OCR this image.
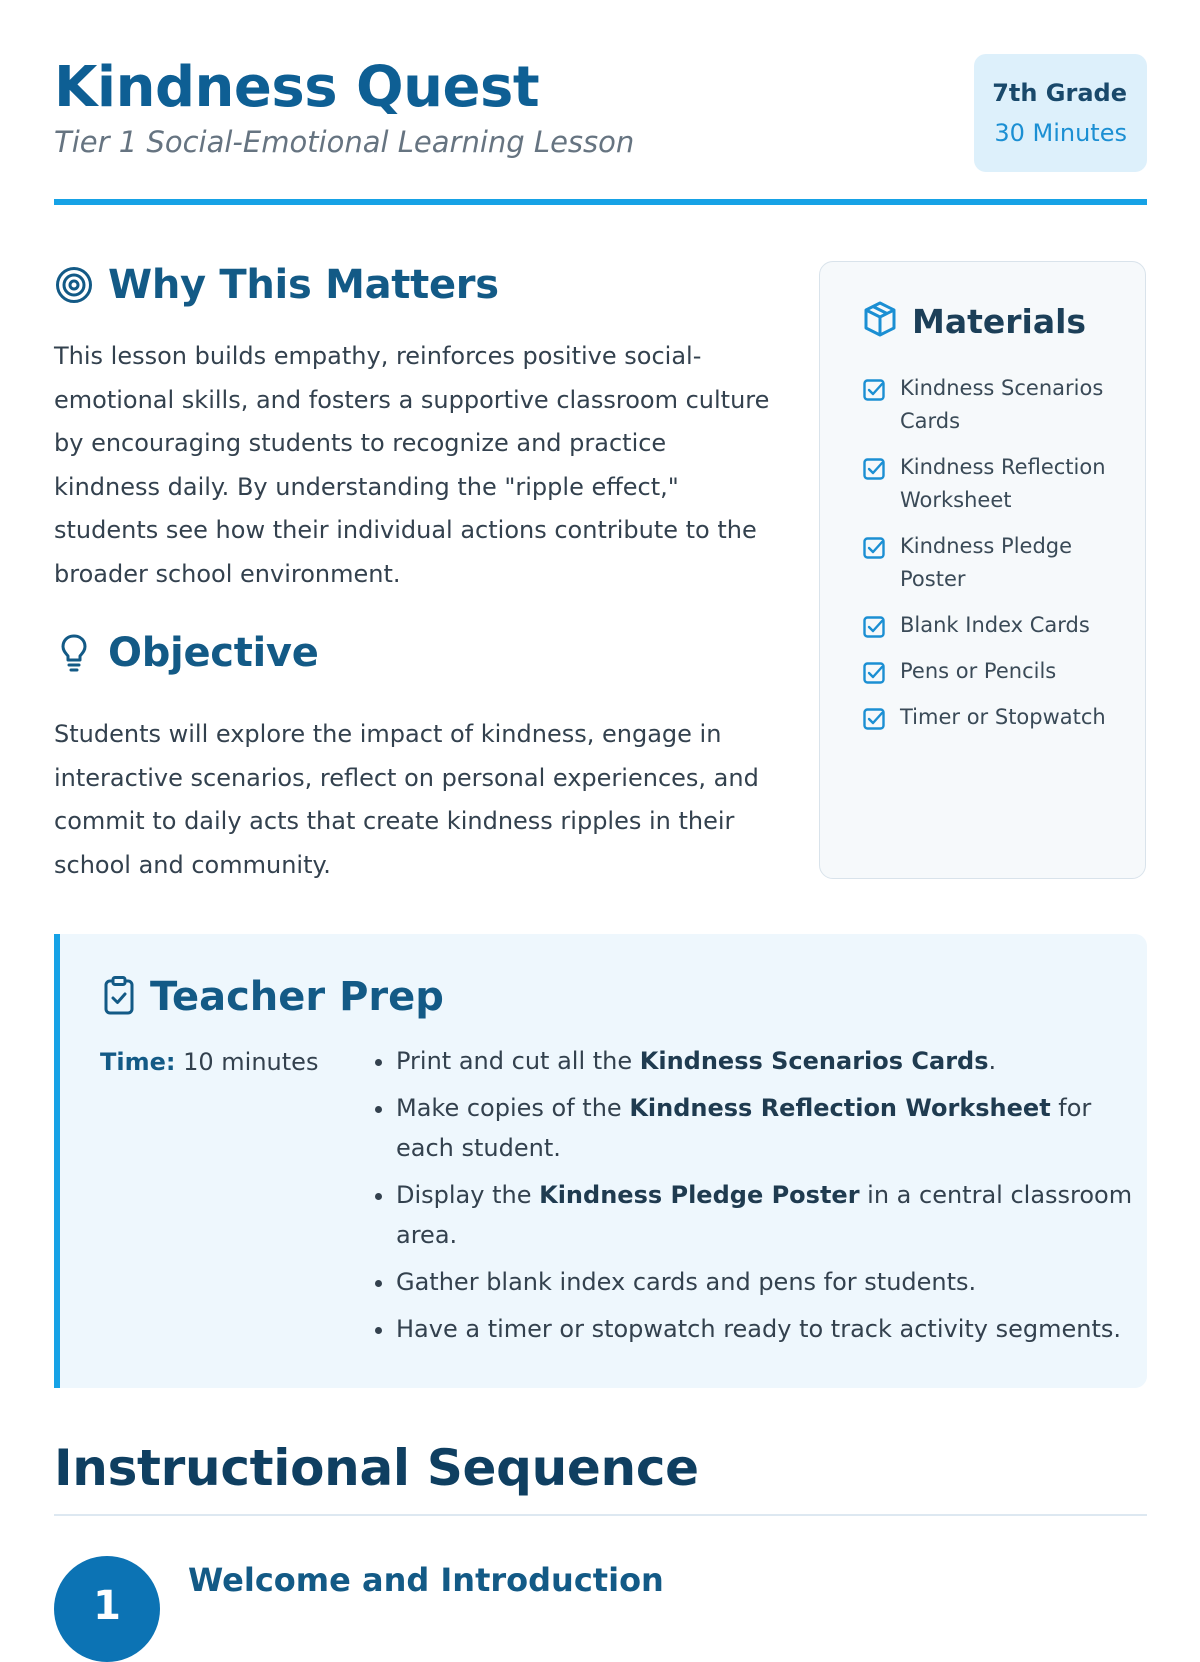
Kindness Quest

Tier 1 Social-Emotional Learning Lesson

7th Grade
30 Minutes
Why This Matters

This lesson builds empathy, reinforces positive social-emotional skills, and fosters a supportive classroom culture by encouraging students to recognize and practice kindness daily. By understanding the "ripple effect," students see how their individual actions contribute to the broader school environment.

Objective

Students will explore the impact of kindness, engage in interactive scenarios, reflect on personal experiences, and commit to daily acts that create kindness ripples in their school and community.

Materials
Kindness Scenarios Cards
Kindness Reflection Worksheet
Kindness Pledge Poster
Blank Index Cards
Pens or Pencils
Timer or Stopwatch
Teacher Prep
Time: 10 minutes
•	Print and cut all the Kindness Scenarios Cards.
• Make copies of the Kindness Reflection Worksheet for each student.
• Display the Kindness Pledge Poster in a central classroom area.
• Gather blank index cards and pens for students.
• Have a timer or stopwatch ready to track activity segments.
Instructional Sequence
1
Welcome and Introduction
